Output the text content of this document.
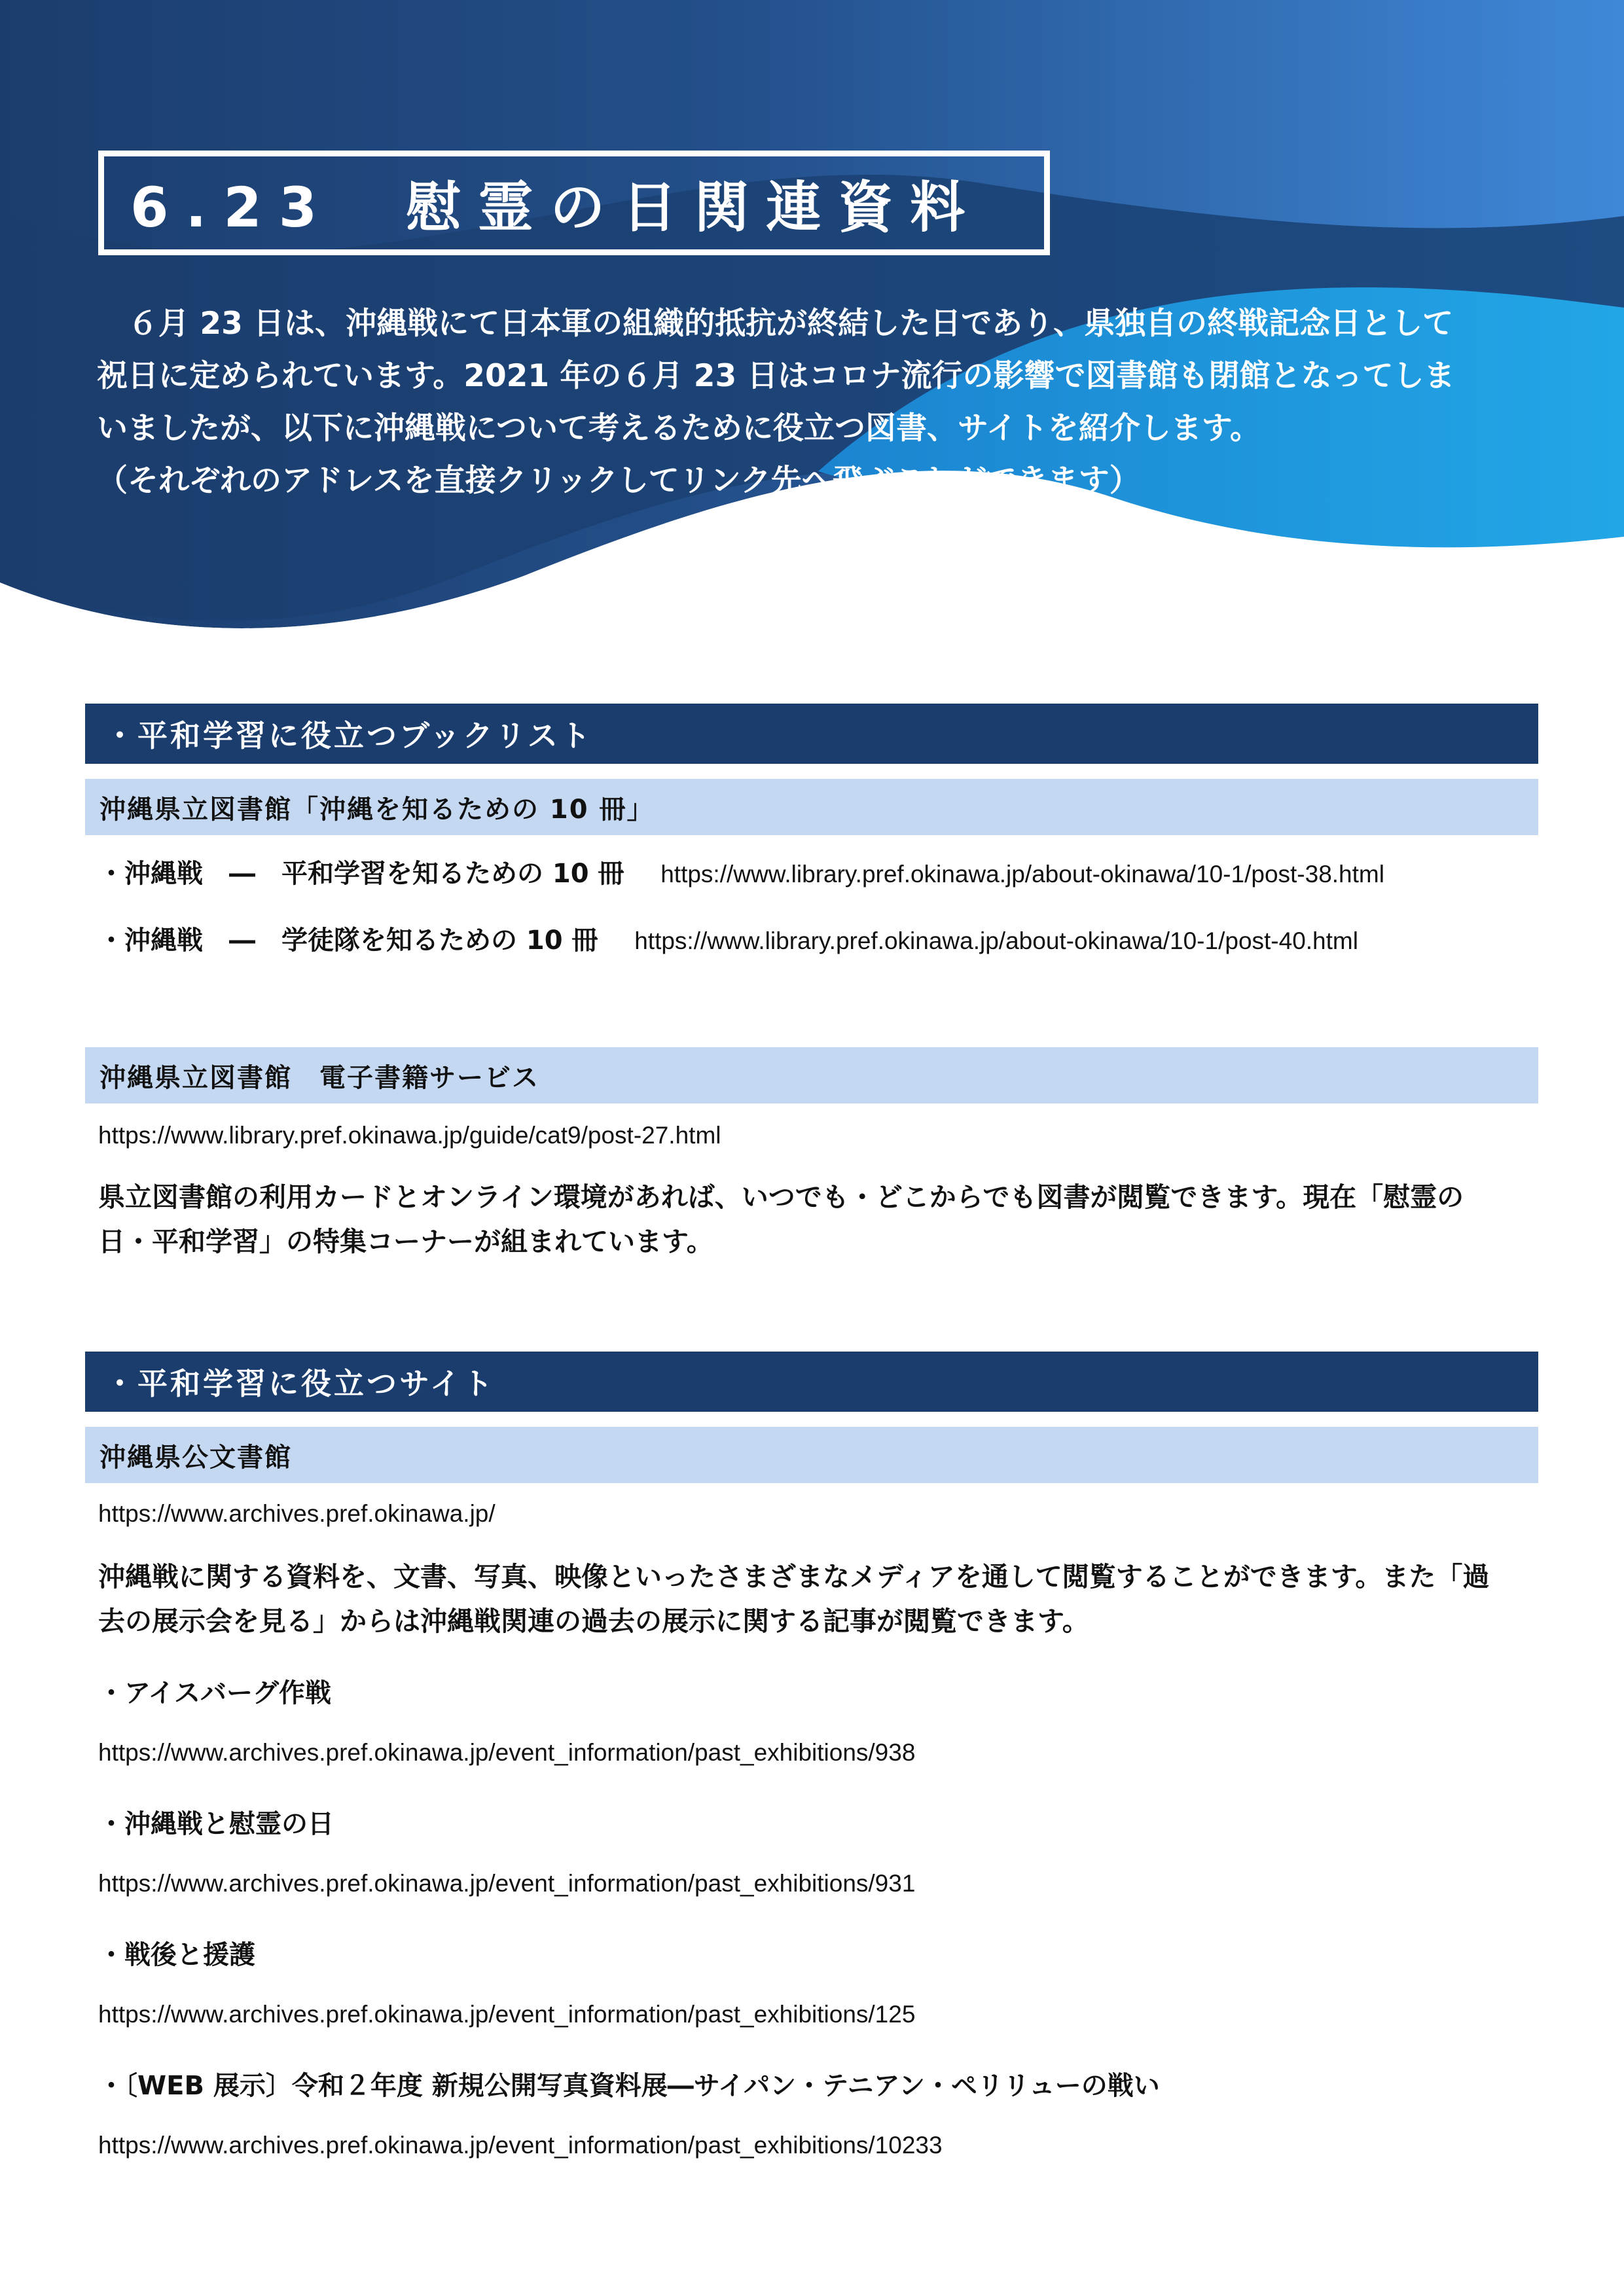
6.23　慰霊の日関連資料

　６月 23 日は、沖縄戦にて日本軍の組織的抵抗が終結した日であり、県独自の終戦記念日として

祝日に定められています。2021 年の６月 23 日はコロナ流行の影響で図書館も閉館となってしま

いましたが、以下に沖縄戦について考えるために役立つ図書、サイトを紹介します。

（それぞれのアドレスを直接クリックしてリンク先へ飛ぶことができます）

・平和学習に役立つブックリスト
沖縄県立図書館「沖縄を知るための 10 冊」
・沖縄戦　―　平和学習を知るための 10 冊 https://www.library.pref.okinawa.jp/about-okinawa/10-1/post-38.html
・沖縄戦　―　学徒隊を知るための 10 冊 https://www.library.pref.okinawa.jp/about-okinawa/10-1/post-40.html
沖縄県立図書館　電子書籍サービス
https://www.library.pref.okinawa.jp/guide/cat9/post-27.html

県立図書館の利用カードとオンライン環境があれば、いつでも・どこからでも図書が閲覧できます。現在「慰霊の

日・平和学習」の特集コーナーが組まれています。

・平和学習に役立つサイト
沖縄県公文書館
https://www.archives.pref.okinawa.jp/

沖縄戦に関する資料を、文書、写真、映像といったさまざまなメディアを通して閲覧することができます。また「過

去の展示会を見る」からは沖縄戦関連の過去の展示に関する記事が閲覧できます。

・アイスバーグ作戦
https://www.archives.pref.okinawa.jp/event_information/past_exhibitions/938
・沖縄戦と慰霊の日
https://www.archives.pref.okinawa.jp/event_information/past_exhibitions/931
・戦後と援護
https://www.archives.pref.okinawa.jp/event_information/past_exhibitions/125
・〔WEB 展示〕令和２年度 新規公開写真資料展―サイパン・テニアン・ペリリューの戦い
https://www.archives.pref.okinawa.jp/event_information/past_exhibitions/10233
